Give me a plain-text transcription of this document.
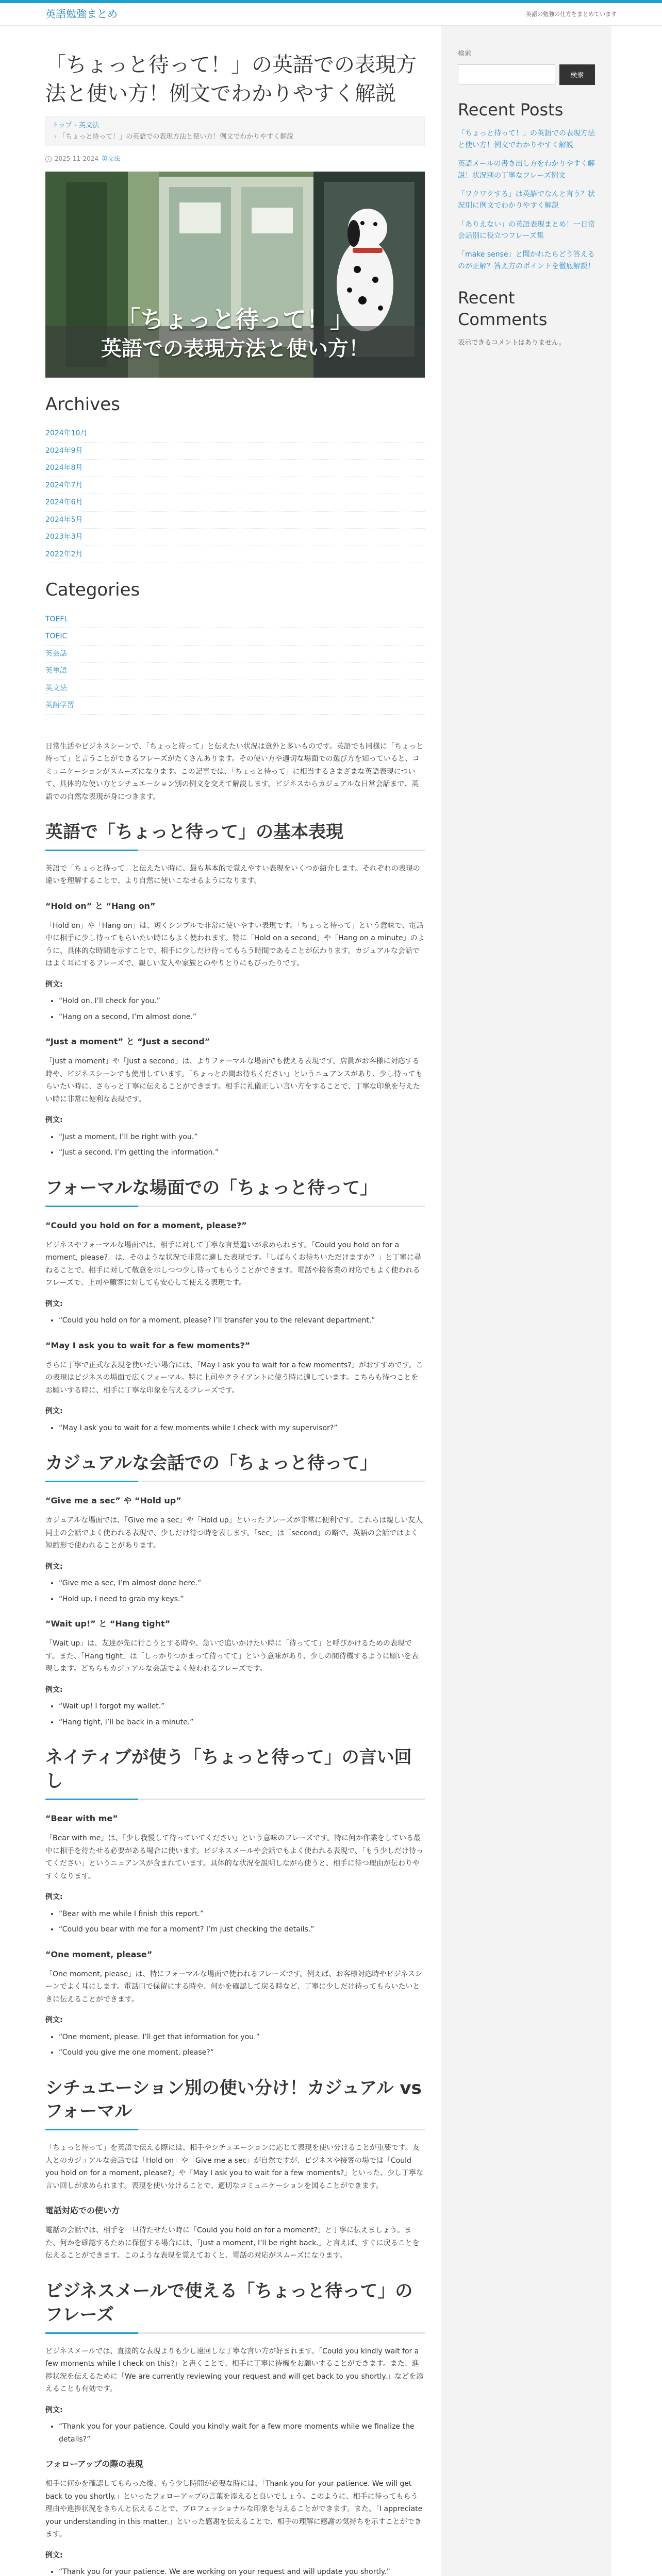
英語勉強まとめ	英語の勉強の仕方をまとめています
「ちょっと待って！」の英語での表現方法と使い方！例文でわかりやすく解説
トップ › 英文法
› 「ちょっと待って！」の英語での表現方法と使い方！例文でわかりやすく解説
2025-11-2024 英文法
「ちょっと待って！」
英語での表現方法と使い方！
Archives
2024年10月
2024年9月
2024年8月
2024年7月
2024年6月
2024年5月
2023年3月
2022年2月
Categories
TOEFL
TOEIC
英会話
英単語
英文法
英語学習

日常生活やビジネスシーンで、「ちょっと待って」と伝えたい状況は意外と多いものです。英語でも同様に「ちょっと待って」と言うことができるフレーズがたくさんあります。その使い方や適切な場面での選び方を知っていると、コミュニケーションがスムーズになります。この記事では、「ちょっと待って」に相当するさまざまな英語表現について、具体的な使い方とシチュエーション別の例文を交えて解説します。ビジネスからカジュアルな日常会話まで、英語での自然な表現が身につきます。

英語で「ちょっと待って」の基本表現

英語で「ちょっと待って」と伝えたい時に、最も基本的で覚えやすい表現をいくつか紹介します。それぞれの表現の違いを理解することで、より自然に使いこなせるようになります。

“Hold on” と “Hang on”

「Hold on」や「Hang on」は、短くシンプルで非常に使いやすい表現です。「ちょっと待って」という意味で、電話中に相手に少し待ってもらいたい時にもよく使われます。特に「Hold on a second」や「Hang on a minute」のように、具体的な時間を示すことで、相手に少しだけ待ってもらう時間であることが伝わります。カジュアルな会話ではよく耳にするフレーズで、親しい友人や家族とのやりとりにもぴったりです。

例文:
• “Hold on, I’ll check for you.”
• “Hang on a second, I’m almost done.”
“Just a moment” と “Just a second”

「Just a moment」や「Just a second」は、よりフォーマルな場面でも使える表現です。店員がお客様に対応する時や、ビジネスシーンでも使用しています。「ちょっとの間お待ちください」というニュアンスがあり、少し待ってもらいたい時に、さらっと丁寧に伝えることができます。相手に礼儀正しい言い方をすることで、丁寧な印象を与えたい時に非常に便利な表現です。

例文:
• “Just a moment, I’ll be right with you.”
• “Just a second, I’m getting the information.”
フォーマルな場面での「ちょっと待って」
“Could you hold on for a moment, please?”

ビジネスやフォーマルな場面では、相手に対して丁寧な言葉遣いが求められます。「Could you hold on for a moment, please?」は、そのような状況で非常に適した表現です。「しばらくお待ちいただけますか？」と丁寧に尋ねることで、相手に対して敬意を示しつつ少し待ってもらうことができます。電話や接客業の対応でもよく使われるフレーズで、上司や顧客に対しても安心して使える表現です。

例文:
• “Could you hold on for a moment, please? I’ll transfer you to the relevant department.”
“May I ask you to wait for a few moments?”

さらに丁寧で正式な表現を使いたい場合には、「May I ask you to wait for a few moments?」がおすすめです。この表現はビジネスの場面で広くフォーマル。特に上司やクライアントに使う時に適しています。こちらも待つことをお願いする時に、相手に丁寧な印象を与えるフレーズです。

例文:
• “May I ask you to wait for a few moments while I check with my supervisor?”
カジュアルな会話での「ちょっと待って」
“Give me a sec” や “Hold up”

カジュアルな場面では、「Give me a sec」や「Hold up」といったフレーズが非常に便利です。これらは親しい友人同士の会話でよく使われる表現で、少しだけ待つ時を表します。「sec」は「second」の略で、英語の会話ではよく短縮形で使われることがあります。

例文:
• “Give me a sec, I’m almost done here.”
• “Hold up, I need to grab my keys.”
“Wait up!” と “Hang tight”

「Wait up」は、友達が先に行こうとする時や、急いで追いかけたい時に「待ってて」と呼びかけるための表現です。また、「Hang tight」は「しっかりつかまって待ってて」という意味があり、少しの間待機するように願いを表現します。どちらもカジュアルな会話でよく使われるフレーズです。

例文:
• “Wait up! I forgot my wallet.”
• “Hang tight, I’ll be back in a minute.”
ネイティブが使う「ちょっと待って」の言い回し
“Bear with me”

「Bear with me」は、「少し我慢して待っていてください」という意味のフレーズです。特に何か作業をしている最中に相手を待たせる必要がある場合に使います。ビジネスメールや会話でもよく使われる表現で、「もう少しだけ待ってください」というニュアンスが含まれています。具体的な状況を説明しながら使うと、相手に待つ理由が伝わりやすくなります。

例文:
• “Bear with me while I finish this report.”
• “Could you bear with me for a moment? I’m just checking the details.”
“One moment, please”

「One moment, please」は、特にフォーマルな場面で使われるフレーズです。例えば、お客様対応時やビジネスシーンでよく耳にします。電話口で保留にする時や、何かを確認して戻る時など、丁寧に少しだけ待ってもらいたいときに伝えることができます。

例文:
• “One moment, please. I’ll get that information for you.”
• “Could you give me one moment, please?”
シチュエーション別の使い分け！カジュアル vs フォーマル

「ちょっと待って」を英語で伝える際には、相手やシチュエーションに応じて表現を使い分けることが重要です。友人とのカジュアルな会話では「Hold on」や「Give me a sec」が自然ですが、ビジネスや接客の場では「Could you hold on for a moment, please?」や「May I ask you to wait for a few moments?」といった、少し丁寧な言い回しが求められます。表現を使い分けることで、適切なコミュニケーションを図ることができます。

電話対応での使い方

電話の会話では、相手を一旦待たせたい時に「Could you hold on for a moment?」と丁寧に伝えましょう。また、何かを確認するために保留する場合には、「Just a moment, I’ll be right back.」と言えば、すぐに戻ることを伝えることができます。このような表現を覚えておくと、電話の対応がスムーズになります。

ビジネスメールで使える「ちょっと待って」のフレーズ

ビジネスメールでは、直接的な表現よりも少し遠回しな丁寧な言い方が好まれます。「Could you kindly wait for a few moments while I check on this?」と書くことで、相手に丁寧に待機をお願いすることができます。また、進捗状況を伝えるために「We are currently reviewing your request and will get back to you shortly.」などを添えることも有効です。

例文:
• “Thank you for your patience. Could you kindly wait for a few more moments while we finalize the details?”
フォローアップの際の表現

相手に何かを確認してもらった後、もう少し時間が必要な時には、「Thank you for your patience. We will get back to you shortly.」といったフォローアップの言葉を添えると良いでしょう。このように、相手に待ってもらう理由や進捗状況をきちんと伝えることで、プロフェッショナルな印象を与えることができます。また、「I appreciate your understanding in this matter.」といった感謝を伝えることで、相手の理解に感謝の気持ちを示すことができます。

例文:
• “Thank you for your patience. We are working on your request and will update you shortly.”

検索
検索
Recent Posts
「ちょっと待って！」の英語での表現方法と使い方！例文でわかりやすく解説
英語メールの書き出し方をわかりやすく解説！状況別の丁寧なフレーズ例文
「ワクワクする」は英語でなんと言う？状況別に例文でわかりやすく解説
「ありえない」の英語表現まとめ！一日常会話別に役立つフレーズ集
「make sense」と聞かれたらどう答えるのが正解？答え方のポイントを徹底解説！
Recent Comments
表示できるコメントはありません。
